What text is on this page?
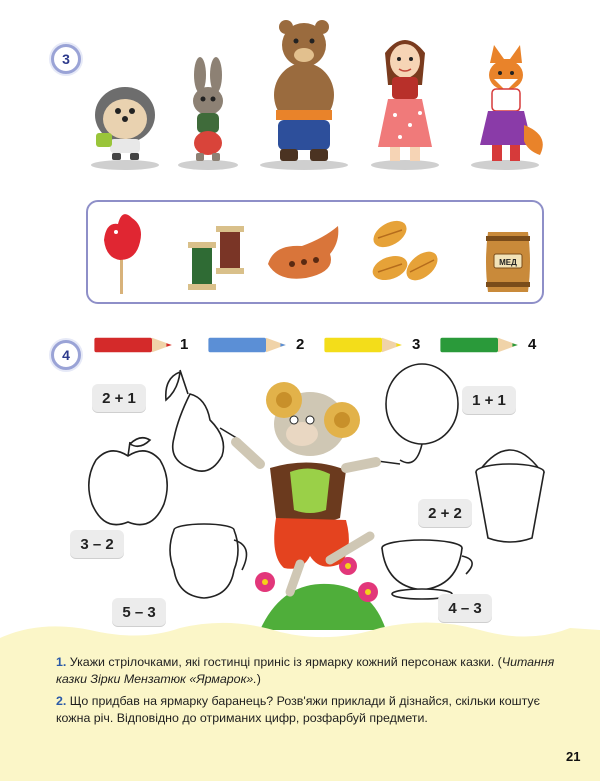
3
МЕД
4
1	2	3	4
2 + 1	1 + 1
2 + 2
3 – 2
5 – 3	4 – 3
1. Укажи стрілочками, які гостинці приніс із ярмарку кожний персонаж казки. (Читання казки Зірки Мензатюк «Ярмарок».)
2. Що придбав на ярмарку баранець? Розв'яжи приклади й дізнайся, скільки коштує кожна річ. Відповідно до отриманих цифр, розфарбуй предмети.
21
